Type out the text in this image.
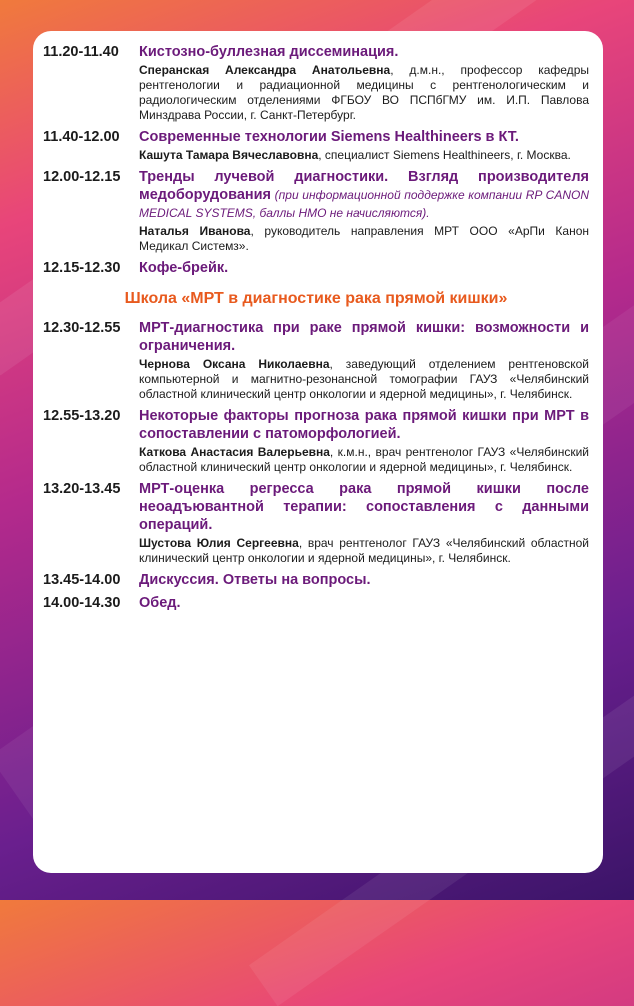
11.20-11.40	Кистозно-буллезная диссеминация.
Сперанская Александра Анатольевна, д.м.н., профессор кафедры рентгенологии и радиационной медицины с рентгенологическим и радиологическим отделениями ФГБОУ ВО ПСПбГМУ им. И.П. Павлова Минздрава России, г. Санкт-Петербург.
11.40-12.00	Современные технологии Siemens Healthineers в КТ.
Кашута Тамара Вячеславовна, специалист Siemens Healthineers, г. Москва.
12.00-12.15	Тренды лучевой диагностики. Взгляд производителя медоборудования (при информационной поддержке компании RP CANON MEDICAL SYSTEMS, баллы НМО не начисляются).
Наталья Иванова, руководитель направления МРТ ООО «АрПи Канон Медикал Системз».
12.15-12.30	Кофе-брейк.
Школа «МРТ в диагностике рака прямой кишки»
12.30-12.55	МРТ-диагностика при раке прямой кишки: возможности и ограничения.
Чернова Оксана Николаевна, заведующий отделением рентгеновской компьютерной и магнитно-резонансной томографии ГАУЗ «Челябинский областной клинический центр онкологии и ядерной медицины», г. Челябинск.
12.55-13.20	Некоторые факторы прогноза рака прямой кишки при МРТ в сопоставлении с патоморфологией.
Каткова Анастасия Валерьевна, к.м.н., врач рентгенолог ГАУЗ «Челябинский областной клинический центр онкологии и ядерной медицины», г. Челябинск.
13.20-13.45	МРТ-оценка регресса рака прямой кишки после неоадъювантной терапии: сопоставления с данными операций.
Шустова Юлия Сергеевна, врач рентгенолог ГАУЗ «Челябинский областной клинический центр онкологии и ядерной медицины», г. Челябинск.
13.45-14.00	Дискуссия. Ответы на вопросы.
14.00-14.30	Обед.
